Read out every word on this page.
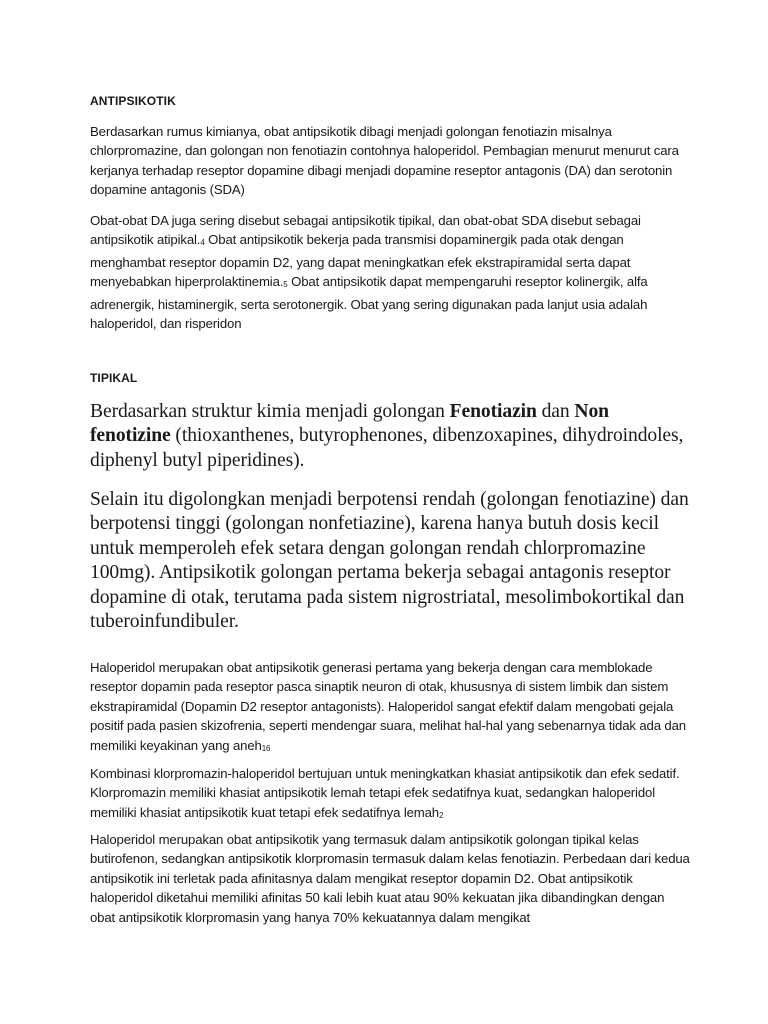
ANTIPSIKOTIK

Berdasarkan rumus kimianya, obat antipsikotik dibagi menjadi golongan fenotiazin misalnya chlorpromazine, dan golongan non fenotiazin contohnya haloperidol. Pembagian menurut menurut cara kerjanya terhadap reseptor dopamine dibagi menjadi dopamine reseptor antagonis (DA) dan serotonin dopamine antagonis (SDA)

Obat-obat DA juga sering disebut sebagai antipsikotik tipikal, dan obat-obat SDA disebut sebagai antipsikotik atipikal.4 Obat antipsikotik bekerja pada transmisi dopaminergik pada otak dengan menghambat reseptor dopamin D2, yang dapat meningkatkan efek ekstrapiramidal serta dapat menyebabkan hiperprolaktinemia.5 Obat antipsikotik dapat mempengaruhi reseptor kolinergik, alfa adrenergik, histaminergik, serta serotonergik. Obat yang sering digunakan pada lanjut usia adalah haloperidol, dan risperidon

TIPIKAL

Berdasarkan struktur kimia menjadi golongan Fenotiazin dan Non fenotizine (thioxanthenes, butyrophenones, dibenzoxapines, dihydroindoles, diphenyl butyl piperidines).

Selain itu digolongkan menjadi berpotensi rendah (golongan fenotiazine) dan berpotensi tinggi (golongan nonfetiazine), karena hanya butuh dosis kecil untuk memperoleh efek setara dengan golongan rendah chlorpromazine 100mg). Antipsikotik golongan pertama bekerja sebagai antagonis reseptor dopamine di otak, terutama pada sistem nigrostriatal, mesolimbokortikal dan tuberoinfundibuler.

Haloperidol merupakan obat antipsikotik generasi pertama yang bekerja dengan cara memblokade reseptor dopamin pada reseptor pasca sinaptik neuron di otak, khususnya di sistem limbik dan sistem ekstrapiramidal (Dopamin D2 reseptor antagonists). Haloperidol sangat efektif dalam mengobati gejala positif pada pasien skizofrenia, seperti mendengar suara, melihat hal-hal yang sebenarnya tidak ada dan memiliki keyakinan yang aneh16

Kombinasi klorpromazin-haloperidol bertujuan untuk meningkatkan khasiat antipsikotik dan efek sedatif. Klorpromazin memiliki khasiat antipsikotik lemah tetapi efek sedatifnya kuat, sedangkan haloperidol memiliki khasiat antipsikotik kuat tetapi efek sedatifnya lemah2

Haloperidol merupakan obat antipsikotik yang termasuk dalam antipsikotik golongan tipikal kelas butirofenon, sedangkan antipsikotik klorpromasin termasuk dalam kelas fenotiazin. Perbedaan dari kedua antipsikotik ini terletak pada afinitasnya dalam mengikat reseptor dopamin D2. Obat antipsikotik haloperidol diketahui memiliki afinitas 50 kali lebih kuat atau 90% kekuatan jika dibandingkan dengan obat antipsikotik klorpromasin yang hanya 70% kekuatannya dalam mengikat
